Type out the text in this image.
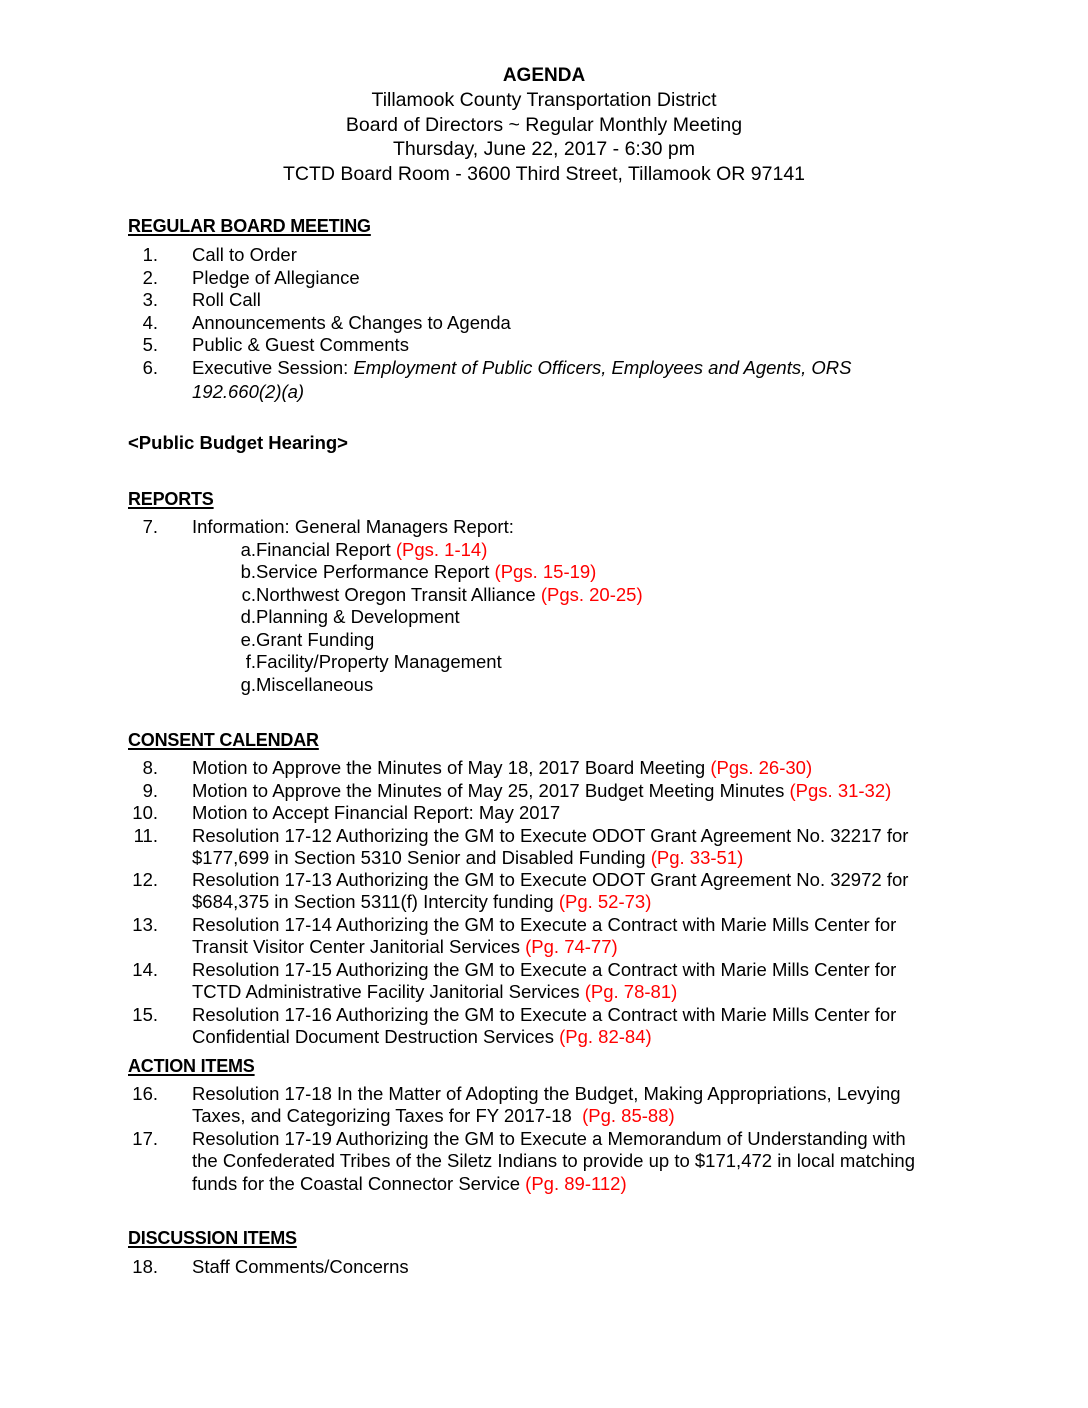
AGENDA
Tillamook County Transportation District
Board of Directors ~ Regular Monthly Meeting
Thursday, June 22, 2017 - 6:30 pm
TCTD Board Room - 3600 Third Street, Tillamook OR 97141
REGULAR BOARD MEETING
1. Call to Order
2. Pledge of Allegiance
3. Roll Call
4. Announcements & Changes to Agenda
5. Public & Guest Comments
6. Executive Session: Employment of Public Officers, Employees and Agents, ORS
192.660(2)(a)
<Public Budget Hearing>
REPORTS
7. Information: General Managers Report:
a. Financial Report (Pgs. 1-14)
b. Service Performance Report (Pgs. 15-19)
c. Northwest Oregon Transit Alliance (Pgs. 20-25)
d. Planning & Development
e. Grant Funding
f. Facility/Property Management
g. Miscellaneous
CONSENT CALENDAR
8. Motion to Approve the Minutes of May 18, 2017 Board Meeting (Pgs. 26-30)
9. Motion to Approve the Minutes of May 25, 2017 Budget Meeting Minutes (Pgs. 31-32)
10. Motion to Accept Financial Report: May 2017
11. Resolution 17-12 Authorizing the GM to Execute ODOT Grant Agreement No. 32217 for
$177,699 in Section 5310 Senior and Disabled Funding (Pg. 33-51)
12. Resolution 17-13 Authorizing the GM to Execute ODOT Grant Agreement No. 32972 for
$684,375 in Section 5311(f) Intercity funding (Pg. 52-73)
13. Resolution 17-14 Authorizing the GM to Execute a Contract with Marie Mills Center for
Transit Visitor Center Janitorial Services (Pg. 74-77)
14. Resolution 17-15 Authorizing the GM to Execute a Contract with Marie Mills Center for
TCTD Administrative Facility Janitorial Services (Pg. 78-81)
15. Resolution 17-16 Authorizing the GM to Execute a Contract with Marie Mills Center for
Confidential Document Destruction Services (Pg. 82-84)
ACTION ITEMS
16. Resolution 17-18 In the Matter of Adopting the Budget, Making Appropriations, Levying
Taxes, and Categorizing Taxes for FY 2017-18  (Pg. 85-88)
17. Resolution 17-19 Authorizing the GM to Execute a Memorandum of Understanding with
the Confederated Tribes of the Siletz Indians to provide up to $171,472 in local matching
funds for the Coastal Connector Service (Pg. 89-112)
DISCUSSION ITEMS
18. Staff Comments/Concerns
